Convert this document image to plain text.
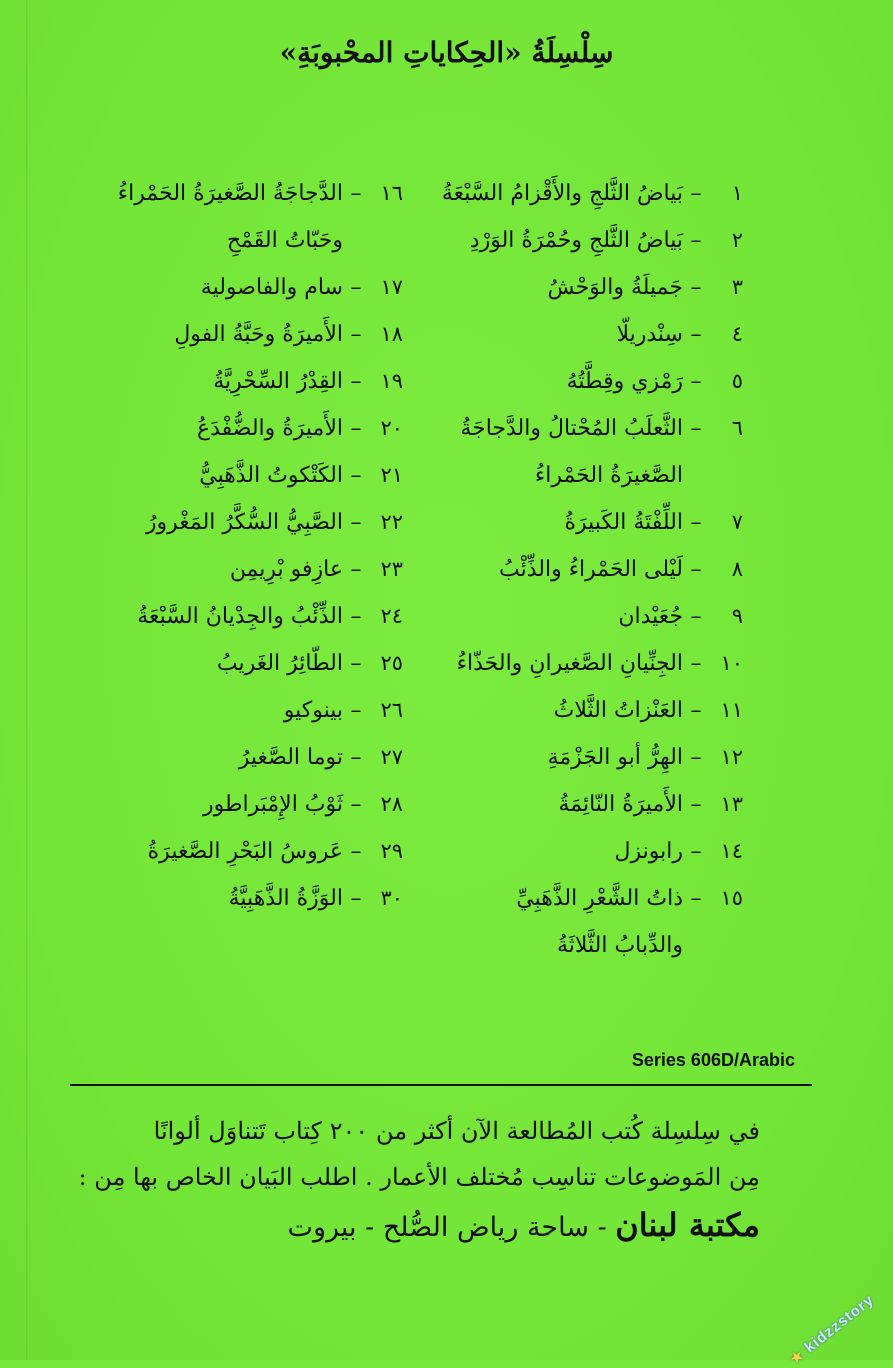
سِلْسِلَةُ «الحِكاياتِ المحْبوبَةِ»
١
–
بَياضُ الثَّلجِ والأَقْزامُ السَّبْعَةُ
٢
–
بَياضُ الثَّلجِ وحُمْرَةُ الوَرْدِ
٣
–
جَميلَةُ والوَحْشُ
٤
–
سِنْدريلّا
٥
–
رَمْزي وقِطَّتُهُ
٦
–
الثَّعلَبُ المُحْتالُ والدَّجاجَةُ
الصَّغيرَةُ الحَمْراءُ
٧
–
اللِّفْتَةُ الكَبيرَةُ
٨
–
لَيْلى الحَمْراءُ والذِّئْبُ
٩
–
جُعَيْدان
١٠
–
الجِنِّيانِ الصَّغيرانِ والحَذّاءُ
١١
–
العَنْزاتُ الثَّلاثُ
١٢
–
الهِرُّ أبو الجَزْمَةِ
١٣
–
الأَميرَةُ النّائِمَةُ
١٤
–
رابونزل
١٥
–
ذاتُ الشَّعْرِ الذَّهَبِيِّ
والدِّبابُ الثَّلاثَةُ
١٦
–
الدَّجاجَةُ الصَّغيرَةُ الحَمْراءُ
وحَبّاتُ القَمْحِ
١٧
–
سام والفاصولية
١٨
–
الأَميرَةُ وحَبَّةُ الفولِ
١٩
–
القِدْرُ السِّحْرِيَّةُ
٢٠
–
الأَميرَةُ والضُّفْدَعُ
٢١
–
الكَتْكوتُ الذَّهَبِيُّ
٢٢
–
الصَّبِيُّ السُّكَّرُ المَغْرورُ
٢٣
–
عازِفو بْرِيمِن
٢٤
–
الذِّئْبُ والجِدْيانُ السَّبْعَةُ
٢٥
–
الطّائِرُ الغَريبُ
٢٦
–
بينوكيو
٢٧
–
توما الصَّغيرُ
٢٨
–
ثَوْبُ الإِمْبَراطور
٢٩
–
عَروسُ البَحْرِ الصَّغيرَةُ
٣٠
–
الوَزَّةُ الذَّهَبِيَّةُ
Series 606D/Arabic
في سِلسِلة كُتب المُطالعة الآن أكثر من ٢٠٠ كِتاب تَتناوَل ألوانًا
مِن المَوضوعات تناسِب مُختلف الأعمار . اطلب البَيان الخاص بها مِن :
مكتبة لبنان - ساحة رياض الصُّلح - بيروت
★ kidzzstory
